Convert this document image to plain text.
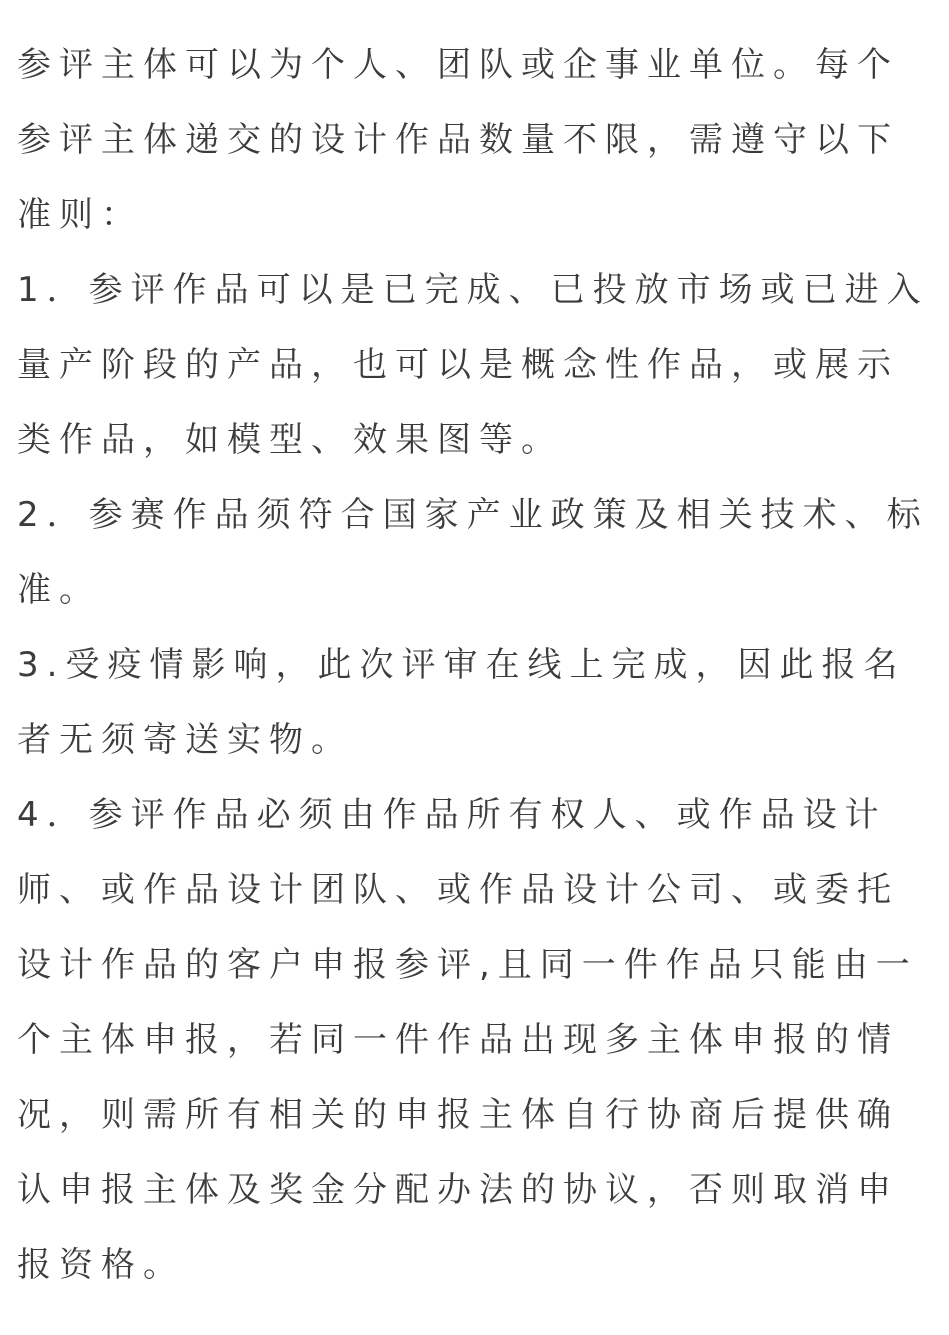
参评主体可以为个人、团队或企事业单位。每个
参评主体递交的设计作品数量不限，需遵守以下
准则：
1．参评作品可以是已完成、已投放市场或已进入
量产阶段的产品，也可以是概念性作品，或展示
类作品，如模型、效果图等。
2．参赛作品须符合国家产业政策及相关技术、标
准。
3.受疫情影响，此次评审在线上完成，因此报名
者无须寄送实物。
4．参评作品必须由作品所有权人、或作品设计
师、或作品设计团队、或作品设计公司、或委托
设计作品的客户申报参评,且同一件作品只能由一
个主体申报，若同一件作品出现多主体申报的情
况，则需所有相关的申报主体自行协商后提供确
认申报主体及奖金分配办法的协议，否则取消申
报资格。
